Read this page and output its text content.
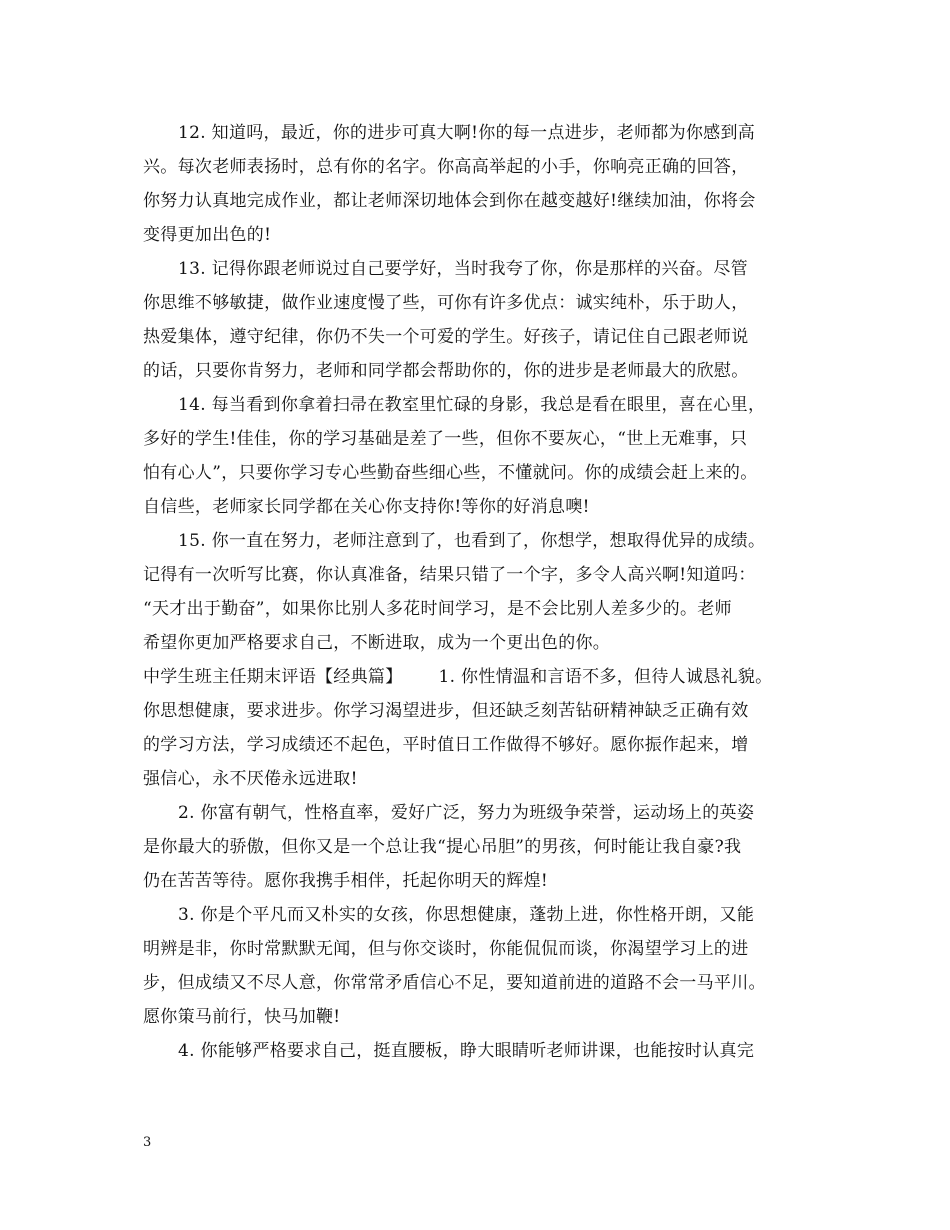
12. 知道吗，最近，你的进步可真大啊!你的每一点进步，老师都为你感到高
兴。每次老师表扬时，总有你的名字。你高高举起的小手，你响亮正确的回答，
你努力认真地完成作业，都让老师深切地体会到你在越变越好!继续加油，你将会
变得更加出色的!
13. 记得你跟老师说过自己要学好，当时我夸了你，你是那样的兴奋。尽管
你思维不够敏捷，做作业速度慢了些，可你有许多优点：诚实纯朴，乐于助人，
热爱集体，遵守纪律，你仍不失一个可爱的学生。好孩子，请记住自己跟老师说
的话，只要你肯努力，老师和同学都会帮助你的，你的进步是老师最大的欣慰。
14. 每当看到你拿着扫帚在教室里忙碌的身影，我总是看在眼里，喜在心里，
多好的学生!佳佳，你的学习基础是差了一些，但你不要灰心，“世上无难事，只
怕有心人”，只要你学习专心些勤奋些细心些，不懂就问。你的成绩会赶上来的。
自信些，老师家长同学都在关心你支持你!等你的好消息噢!
15. 你一直在努力，老师注意到了，也看到了，你想学，想取得优异的成绩。
记得有一次听写比赛，你认真准备，结果只错了一个字，多令人高兴啊!知道吗：
“天才出于勤奋”，如果你比别人多花时间学习，是不会比别人差多少的。老师
希望你更加严格要求自己，不断进取，成为一个更出色的你。
中学生班主任期末评语【经典篇】 1. 你性情温和言语不多，但待人诚恳礼貌。
你思想健康，要求进步。你学习渴望进步，但还缺乏刻苦钻研精神缺乏正确有效
的学习方法，学习成绩还不起色，平时值日工作做得不够好。愿你振作起来，增
强信心，永不厌倦永远进取!
2. 你富有朝气，性格直率，爱好广泛，努力为班级争荣誉，运动场上的英姿
是你最大的骄傲，但你又是一个总让我“提心吊胆”的男孩，何时能让我自豪?我
仍在苦苦等待。愿你我携手相伴，托起你明天的辉煌!
3. 你是个平凡而又朴实的女孩，你思想健康，蓬勃上进，你性格开朗，又能
明辨是非，你时常默默无闻，但与你交谈时，你能侃侃而谈，你渴望学习上的进
步，但成绩又不尽人意，你常常矛盾信心不足，要知道前进的道路不会一马平川。
愿你策马前行，快马加鞭!
4. 你能够严格要求自己，挺直腰板，睁大眼睛听老师讲课，也能按时认真完
3
